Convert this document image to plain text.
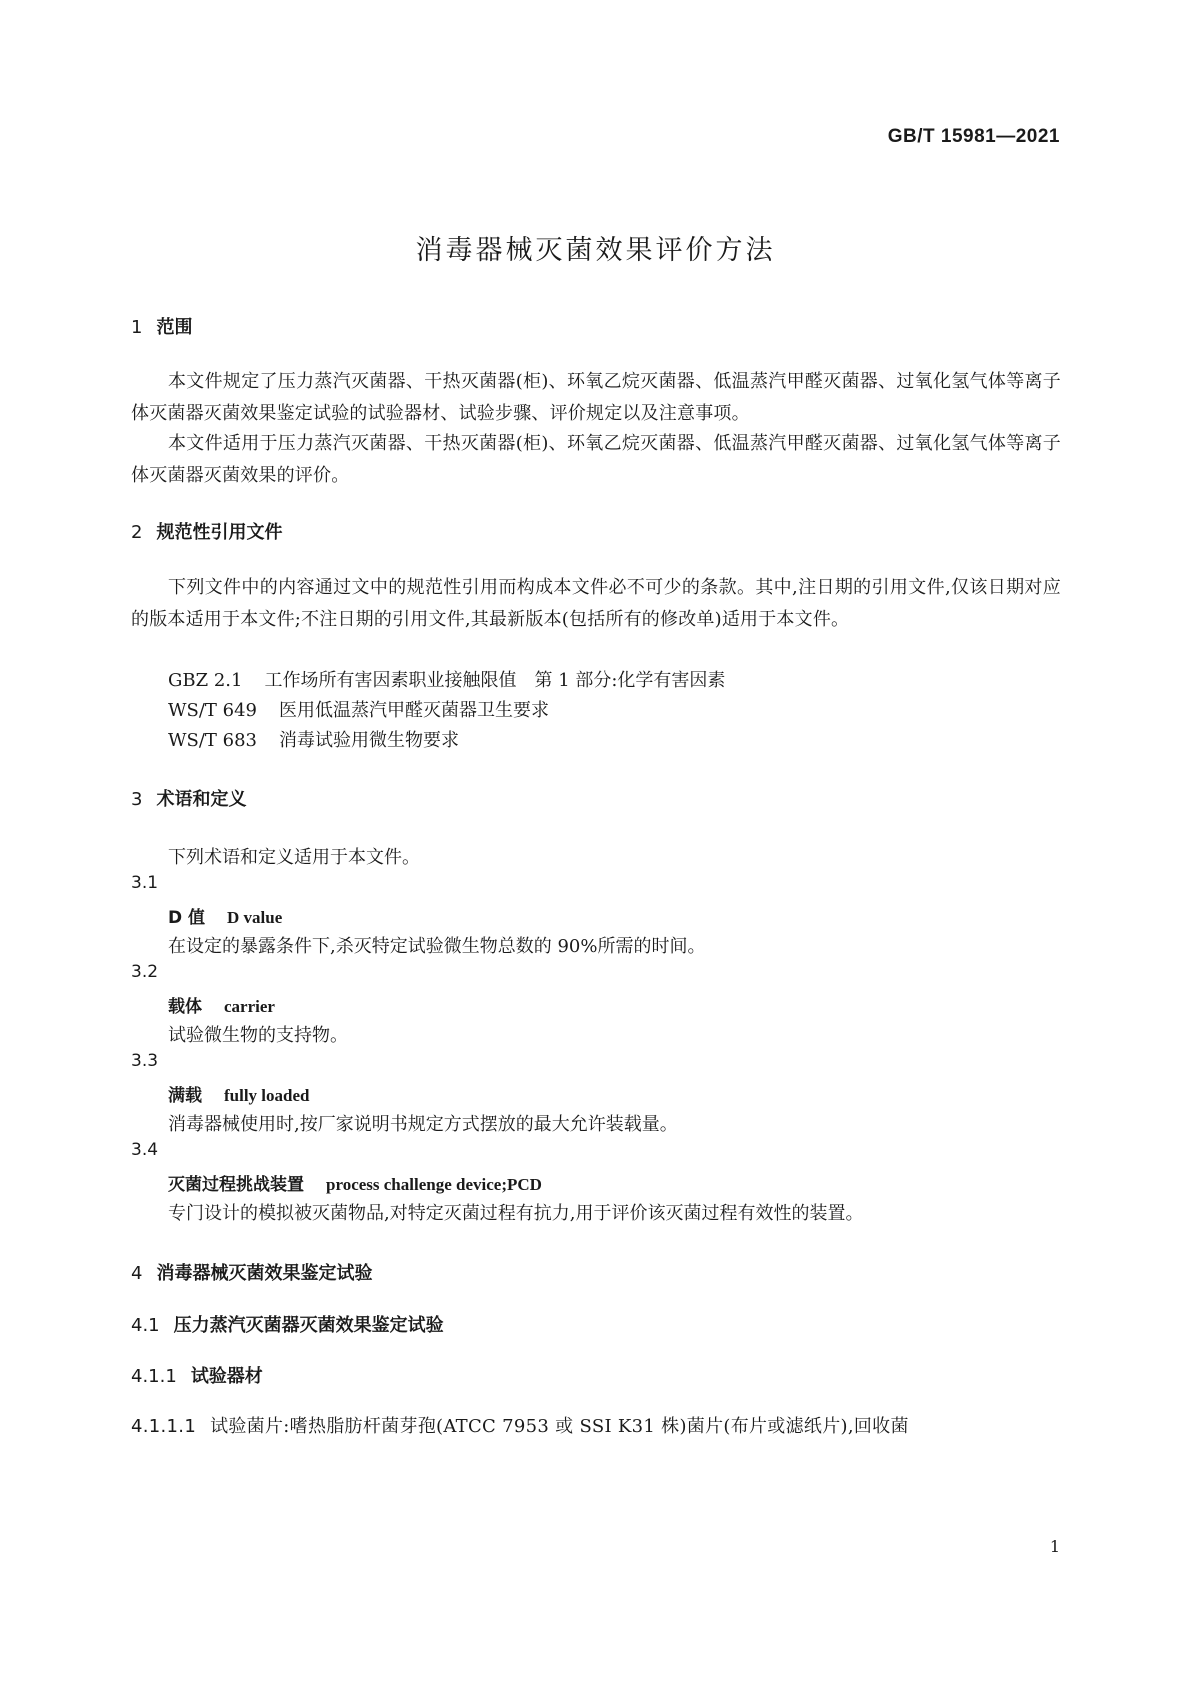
GB/T 15981—2021
消毒器械灭菌效果评价方法
1 范围
本文件规定了压力蒸汽灭菌器、干热灭菌器(柜)、环氧乙烷灭菌器、低温蒸汽甲醛灭菌器、过氧化氢气体等离子体灭菌器灭菌效果鉴定试验的试验器材、试验步骤、评价规定以及注意事项。
本文件适用于压力蒸汽灭菌器、干热灭菌器(柜)、环氧乙烷灭菌器、低温蒸汽甲醛灭菌器、过氧化氢气体等离子体灭菌器灭菌效果的评价。
2 规范性引用文件
下列文件中的内容通过文中的规范性引用而构成本文件必不可少的条款。其中,注日期的引用文件,仅该日期对应的版本适用于本文件;不注日期的引用文件,其最新版本(包括所有的修改单)适用于本文件。
GBZ 2.1 工作场所有害因素职业接触限值　第 1 部分:化学有害因素
WS/T 649 医用低温蒸汽甲醛灭菌器卫生要求
WS/T 683 消毒试验用微生物要求
3 术语和定义
下列术语和定义适用于本文件。
3.1
D 值 D value
在设定的暴露条件下,杀灭特定试验微生物总数的 90%所需的时间。
3.2
载体 carrier
试验微生物的支持物。
3.3
满载 fully loaded
消毒器械使用时,按厂家说明书规定方式摆放的最大允许装载量。
3.4
灭菌过程挑战装置 process challenge device;PCD
专门设计的模拟被灭菌物品,对特定灭菌过程有抗力,用于评价该灭菌过程有效性的装置。
4 消毒器械灭菌效果鉴定试验
4.1 压力蒸汽灭菌器灭菌效果鉴定试验
4.1.1 试验器材
4.1.1.1 试验菌片:嗜热脂肪杆菌芽孢(ATCC 7953 或 SSI K31 株)菌片(布片或滤纸片),回收菌
1
